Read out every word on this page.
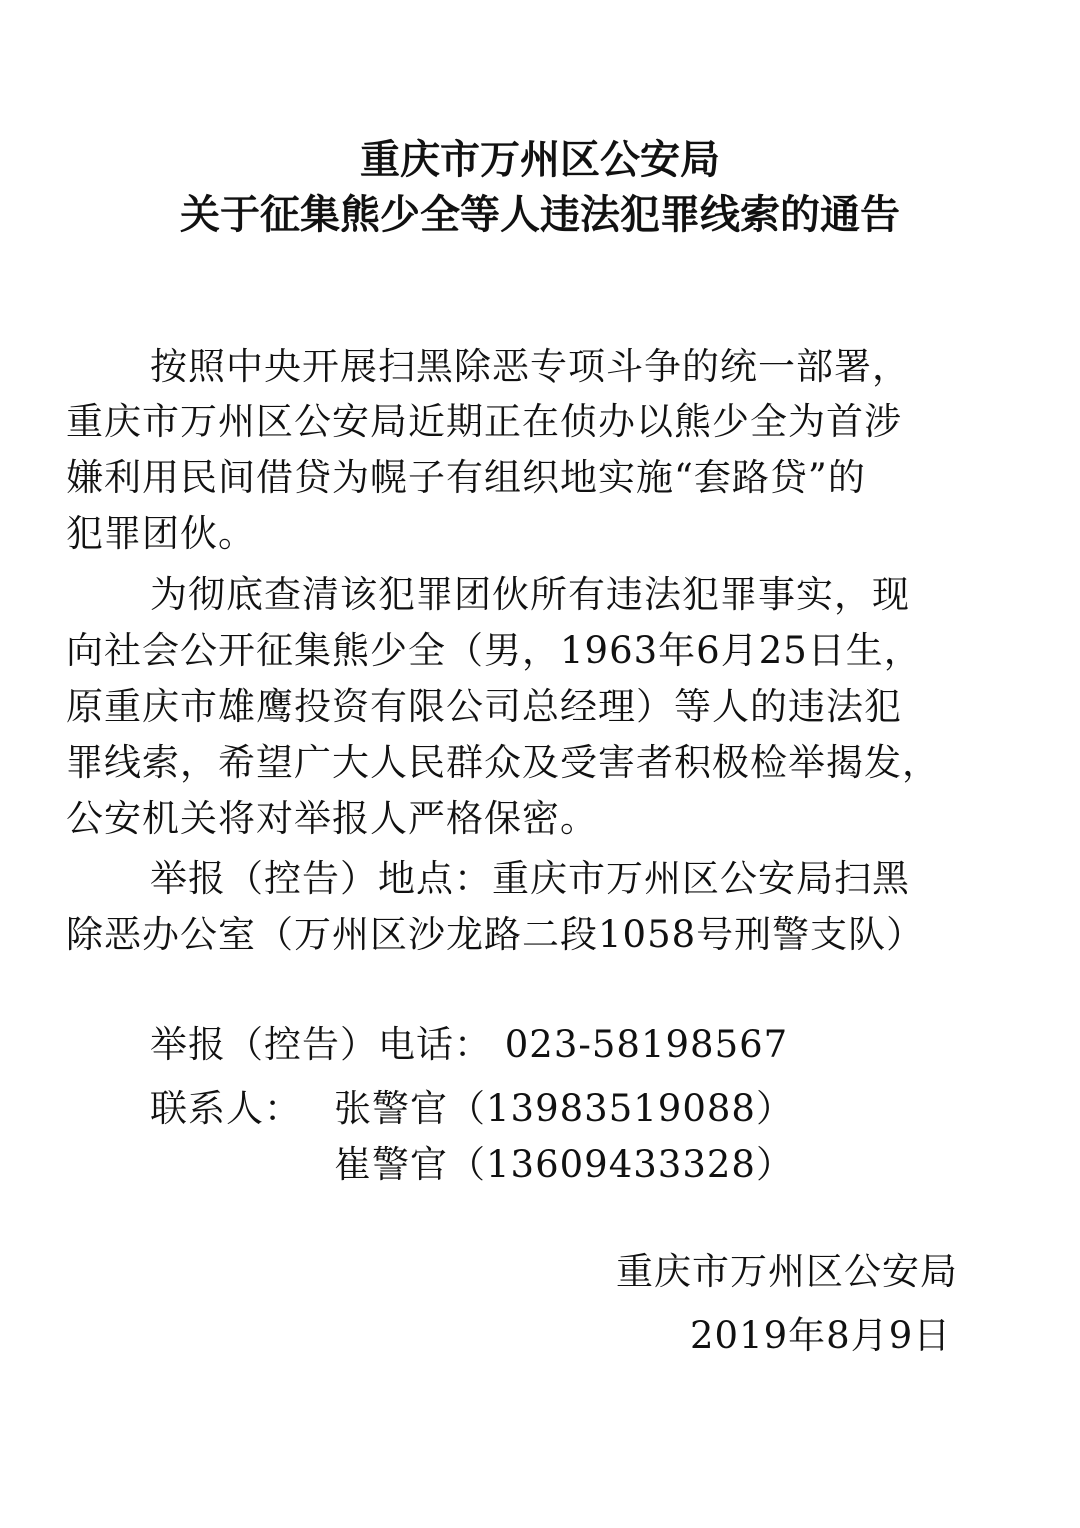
重庆市万州区公安局
关于征集熊少全等人违法犯罪线索的通告

按照中央开展扫黑除恶专项斗争的统一部署，

重庆市万州区公安局近期正在侦办以熊少全为首涉

嫌利用民间借贷为幌子有组织地实施“套路贷”的

犯罪团伙。

为彻底查清该犯罪团伙所有违法犯罪事实，现

向社会公开征集熊少全（男，1963年6月25日生，

原重庆市雄鹰投资有限公司总经理）等人的违法犯

罪线索，希望广大人民群众及受害者积极检举揭发，

公安机关将对举报人严格保密。

举报（控告）地点：重庆市万州区公安局扫黑

除恶办公室（万州区沙龙路二段1058号刑警支队）

举报（控告）电话： 023-58198567

联系人： 张警官（13983519088）

崔警官（13609433328）

重庆市万州区公安局

2019年8月9日
